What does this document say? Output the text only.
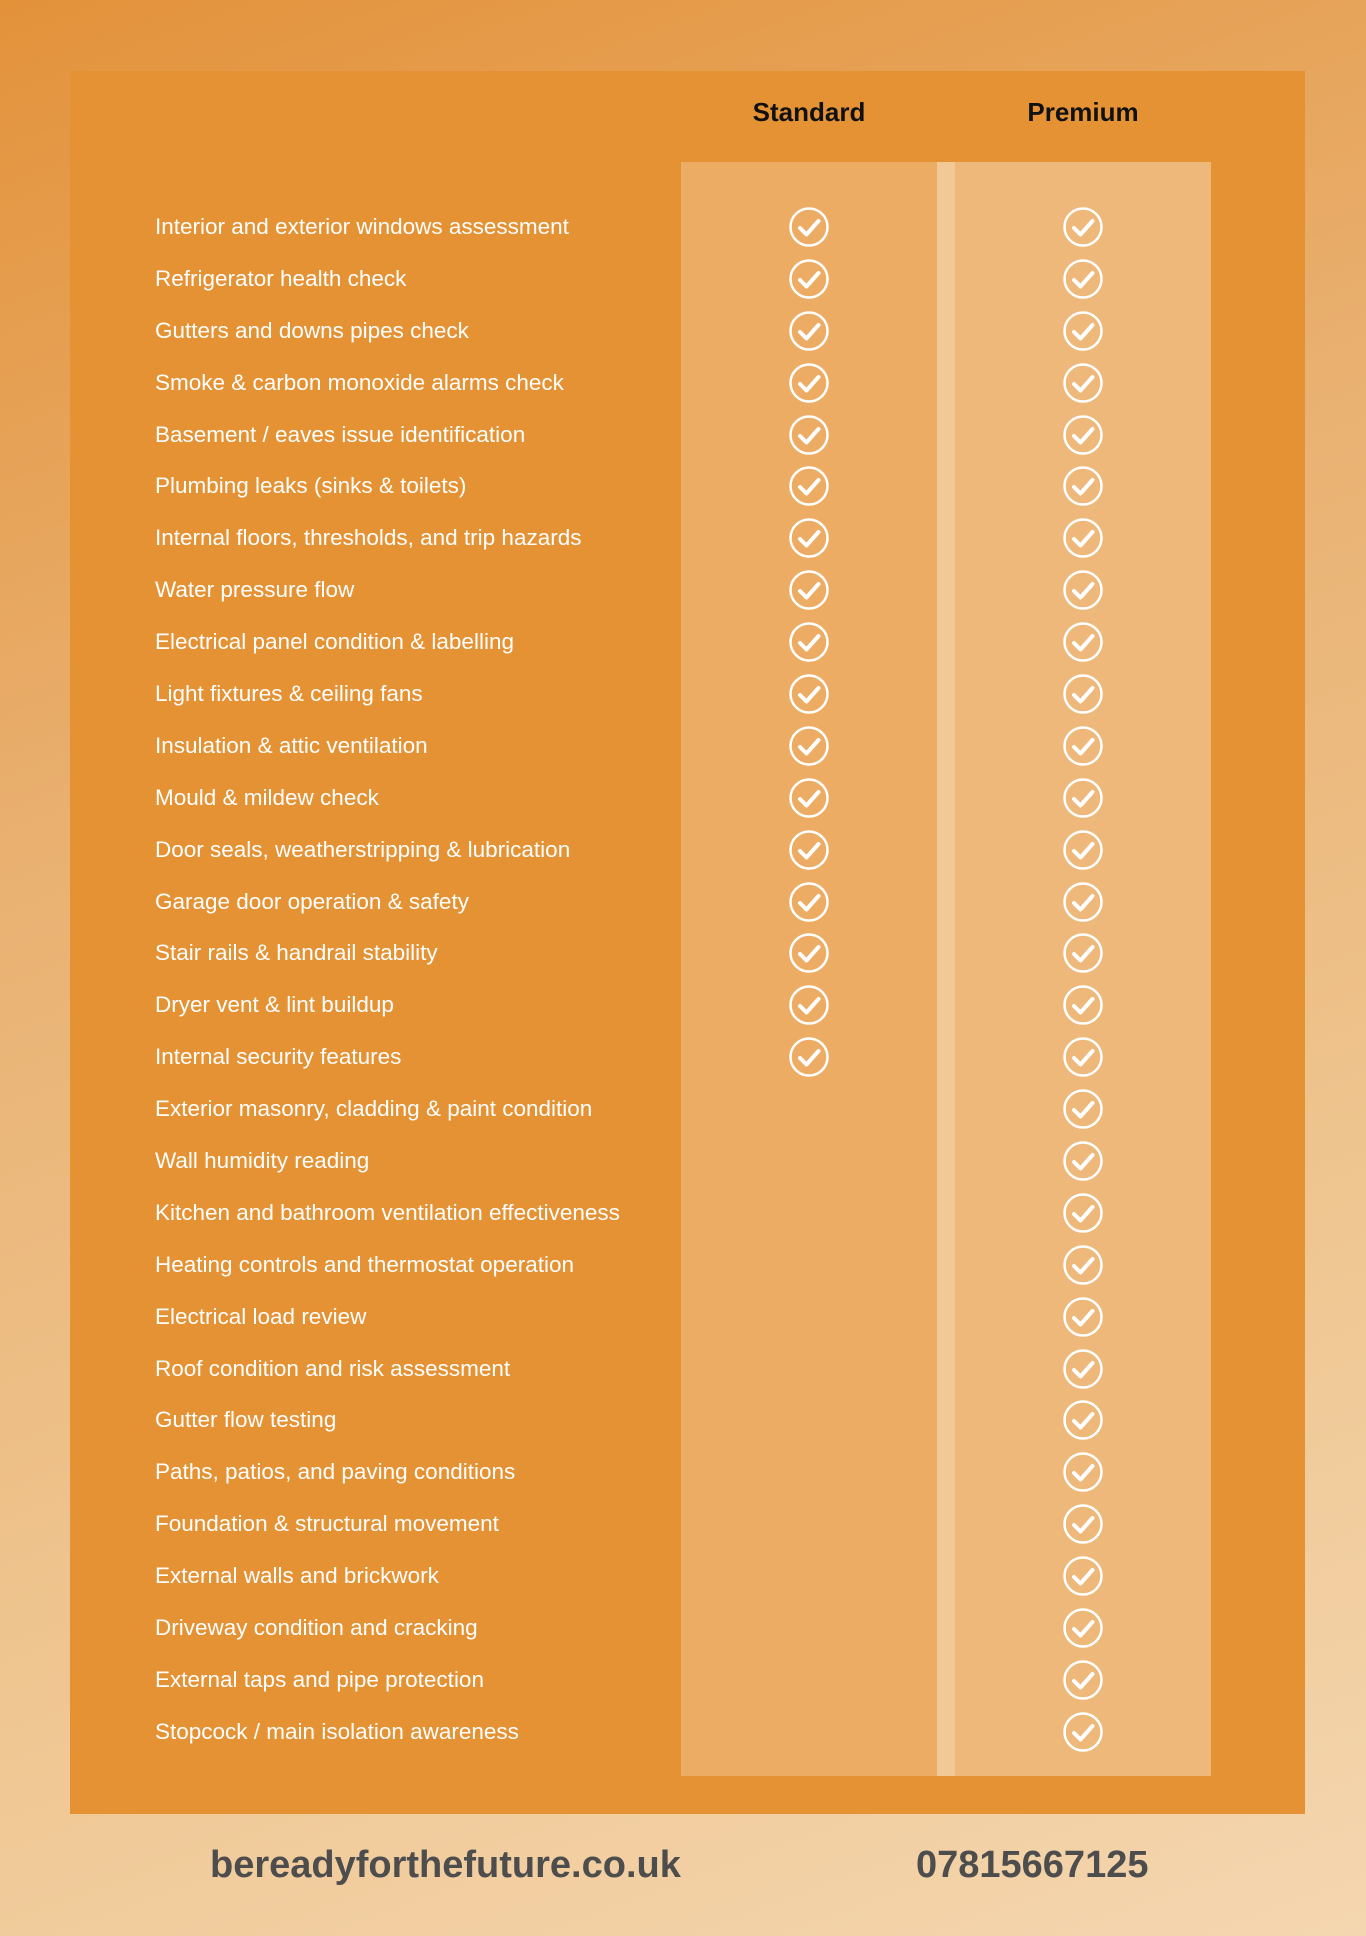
Standard	Premium
Interior and exterior windows assessment
Refrigerator health check
Gutters and downs pipes check
Smoke & carbon monoxide alarms check
Basement / eaves issue identification
Plumbing leaks (sinks & toilets)
Internal floors, thresholds, and trip hazards
Water pressure flow
Electrical panel condition & labelling
Light fixtures & ceiling fans
Insulation & attic ventilation
Mould & mildew check
Door seals, weatherstripping & lubrication
Garage door operation & safety
Stair rails & handrail stability
Dryer vent & lint buildup
Internal security features
Exterior masonry, cladding & paint condition
Wall humidity reading
Kitchen and bathroom ventilation effectiveness
Heating controls and thermostat operation
Electrical load review
Roof condition and risk assessment
Gutter flow testing
Paths, patios, and paving conditions
Foundation & structural movement
External walls and brickwork
Driveway condition and cracking
External taps and pipe protection
Stopcock / main isolation awareness
bereadyforthefuture.co.uk	07815667125
